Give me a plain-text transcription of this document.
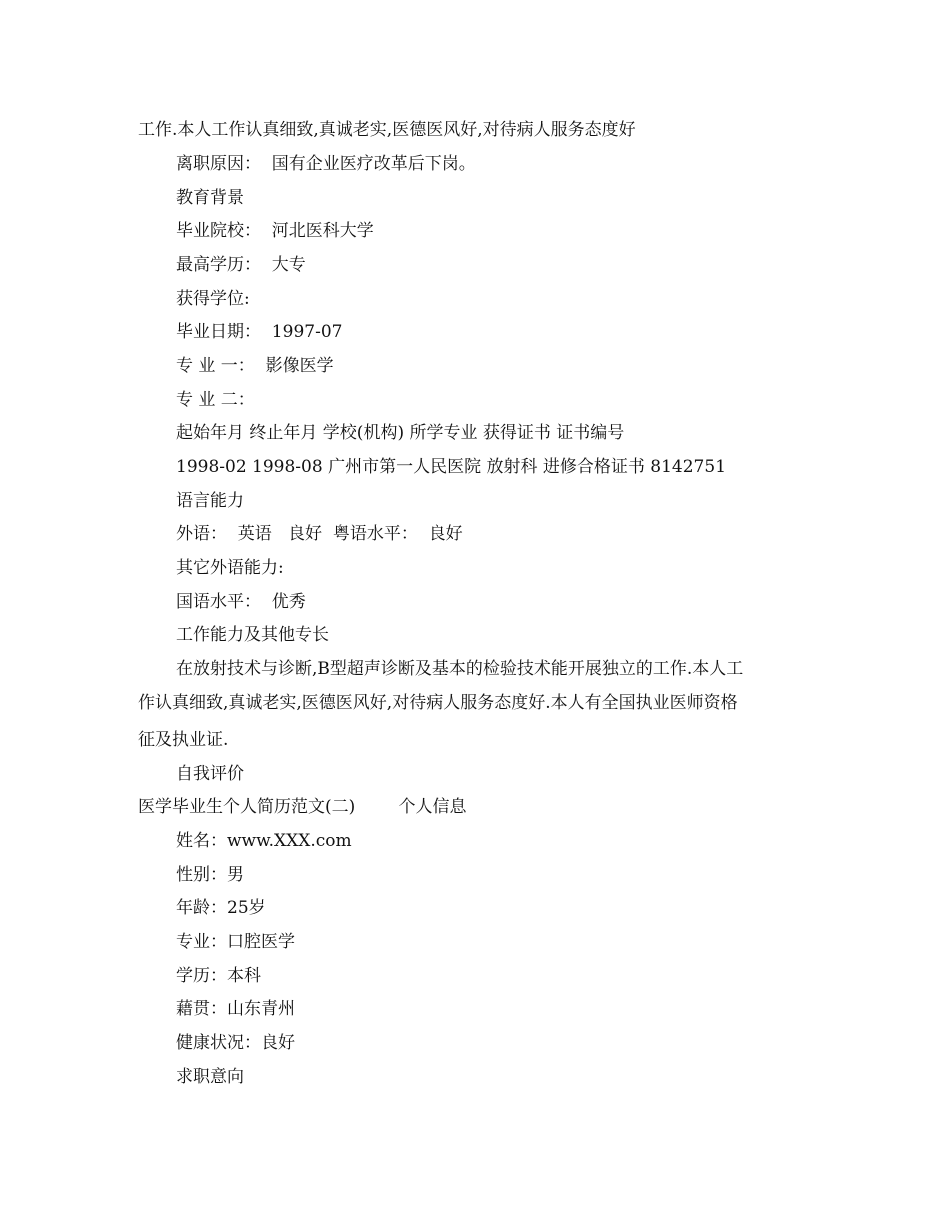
工作.本人工作认真细致,真诚老实,医德医风好,对待病人服务态度好
离职原因：  国有企业医疗改革后下岗。
教育背景
毕业院校：  河北医科大学
最高学历：  大专
获得学位:
毕业日期：  1997-07
专 业 一：  影像医学
专 业 二：
起始年月 终止年月 学校(机构) 所学专业 获得证书 证书编号
1998-02 1998-08 广州市第一人民医院 放射科 进修合格证书 8142751
语言能力
外语：  英语   良好  粤语水平：  良好
其它外语能力:
国语水平：  优秀
工作能力及其他专长
在放射技术与诊断,B型超声诊断及基本的检验技术能开展独立的工作.本人工
作认真细致,真诚老实,医德医风好,对待病人服务态度好.本人有全国执业医师资格
征及执业证.
自我评价
医学毕业生个人简历范文(二)        个人信息
姓名：www.XXX.com
性别：男
年龄：25岁
专业：口腔医学
学历：本科
藉贯：山东青州
健康状况：良好
求职意向
